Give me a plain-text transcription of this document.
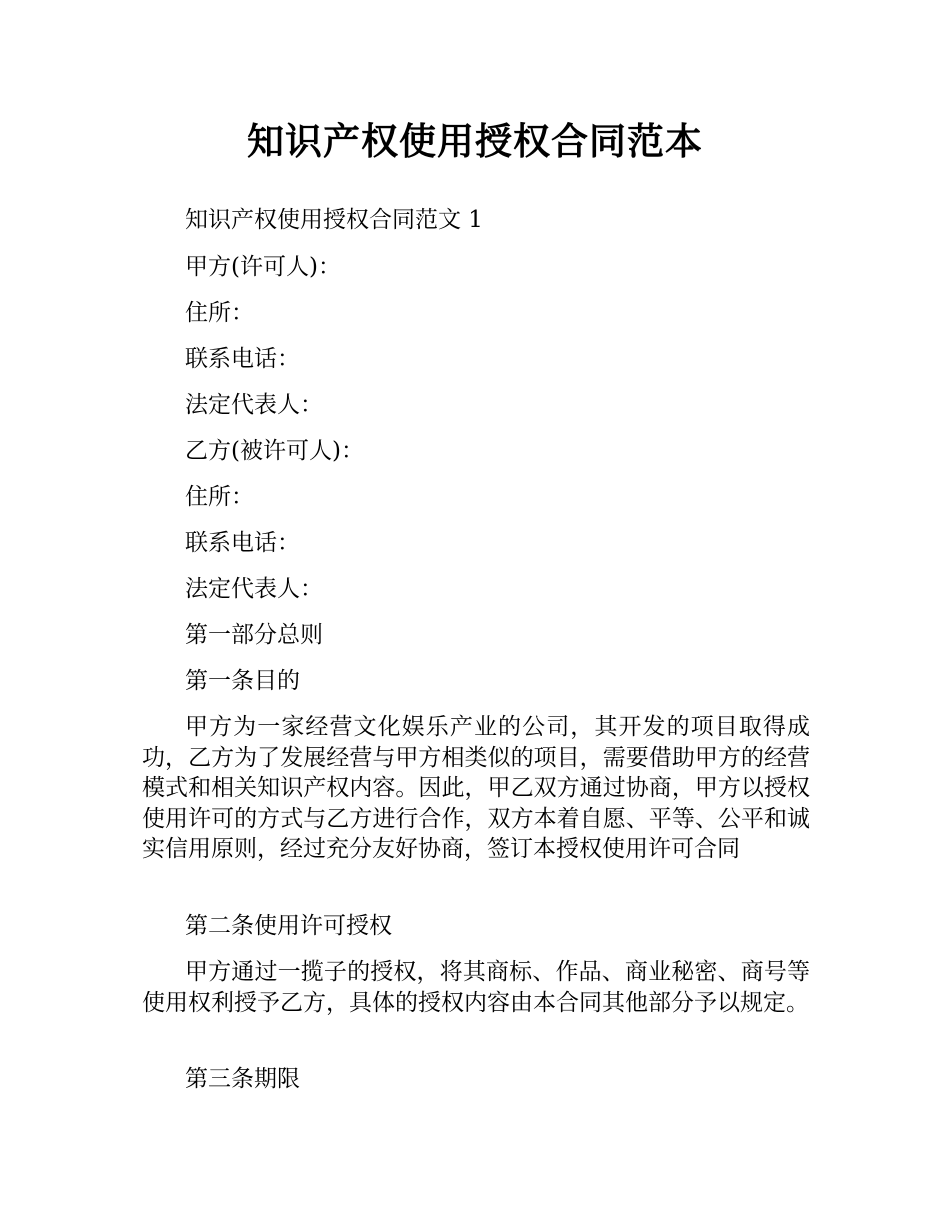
知识产权使用授权合同范本

知识产权使用授权合同范文 1

甲方(许可人)：

住所：

联系电话：

法定代表人：

乙方(被许可人)：

住所：

联系电话：

法定代表人：

第一部分总则

第一条目的

甲方为一家经营文化娱乐产业的公司，其开发的项目取得成功，乙方为了发展经营与甲方相类似的项目，需要借助甲方的经营模式和相关知识产权内容。因此，甲乙双方通过协商，甲方以授权使用许可的方式与乙方进行合作，双方本着自愿、平等、公平和诚实信用原则，经过充分友好协商，签订本授权使用许可合同

第二条使用许可授权

甲方通过一揽子的授权，将其商标、作品、商业秘密、商号等使用权利授予乙方，具体的授权内容由本合同其他部分予以规定。

第三条期限
